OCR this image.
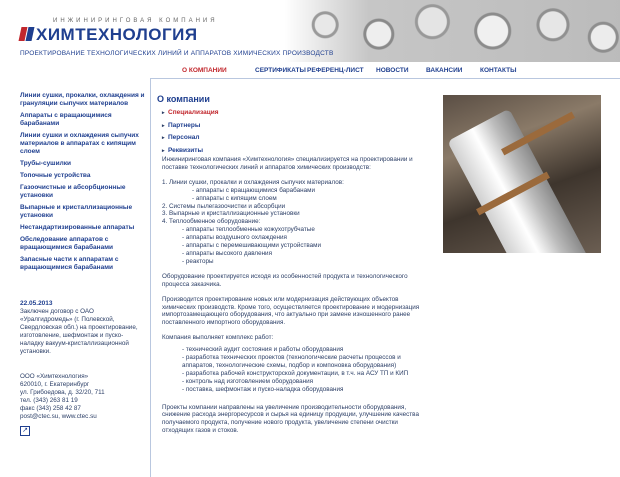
ИНЖИНИРИНГОВАЯ КОМПАНИЯ
ХИМТЕХНОЛОГИЯ
ПРОЕКТИРОВАНИЕ ТЕХНОЛОГИЧЕСКИХ ЛИНИЙ И АППАРАТОВ ХИМИЧЕСКИХ ПРОИЗВОДСТВ
О КОМПАНИИ	СЕРТИФИКАТЫ РЕФЕРЕНЦ-ЛИСТ НОВОСТИ	ВАКАНСИИ	КОНТАКТЫ
Линии сушки, прокалки, охлаждения и грануляции сыпучих материалов
Аппараты с вращающимися барабанами
Линии сушки и охлаждения сыпучих материалов в аппаратах с кипящим слоем
Трубы-сушилки
Топочные устройства
Газоочистные и абсорбционные установки
Выпарные и кристаллизационные установки
Нестандартизированные аппараты
Обследование аппаратов с вращающимися барабанами
Запасные части к аппаратам с вращающимися барабанами
22.05.2013
Заключен договор с ОАО «Уралгидромедь» (г. Полевской, Свердловская обл.) на проектирование, изготовление, шефмонтаж и пуско-наладку вакуум-кристаллизационной установки.
ООО «Химтехнология»
620010, г. Екатеринбург
ул. Грибоедова, д. 32/20, 711
тел. (343) 263 81 19
факс (343) 258 42 87
post@ctec.su, www.ctec.su
↗
О компании
▸ Специализация
▸ Партнеры
▸ Персонал
▸ Реквизиты

Инжиниринговая компания «Химтехнология» специализируется на проектировании и поставке технологических линий и аппаратов химических производств:

1. Линии сушки, прокалки и охлаждения сыпучих материалов:
- аппараты с вращающимися барабанами
- аппараты с кипящим слоем
2. Системы пылегазоочистки и абсорбции
3. Выпарные и кристаллизационные установки
4. Теплообменное оборудование:
- аппараты теплообменные кожухотрубчатые
- аппараты воздушного охлаждения
- аппараты с перемешивающими устройствами
- аппараты высокого давления
- реакторы

Оборудование проектируется исходя из особенностей продукта и технологического процесса заказчика.

Производится проектирование новых или модернизация действующих объектов химических производств. Кроме того, осуществляется проектирование и модернизация импортозамещающего оборудования, что актуально при замене изношенного ранее поставленного импортного оборудования.

Компания выполняет комплекс работ:

- технический аудит состояния и работы оборудования
- разработка технических проектов (технологические расчеты процессов и аппаратов, технологические схемы, подбор и компоновка оборудования)
- разработка рабочей конструкторской документации, в т.ч. на АСУ ТП и КИП
- контроль над изготовлением оборудования
- поставка, шефмонтаж и пуско-наладка оборудования

Проекты компании направлены на увеличение производительности оборудования, снижение расхода энергоресурсов и сырья на единицу продукции, улучшение качества получаемого продукта, получение нового продукта, увеличение степени очистки отходящих газов и стоков.
